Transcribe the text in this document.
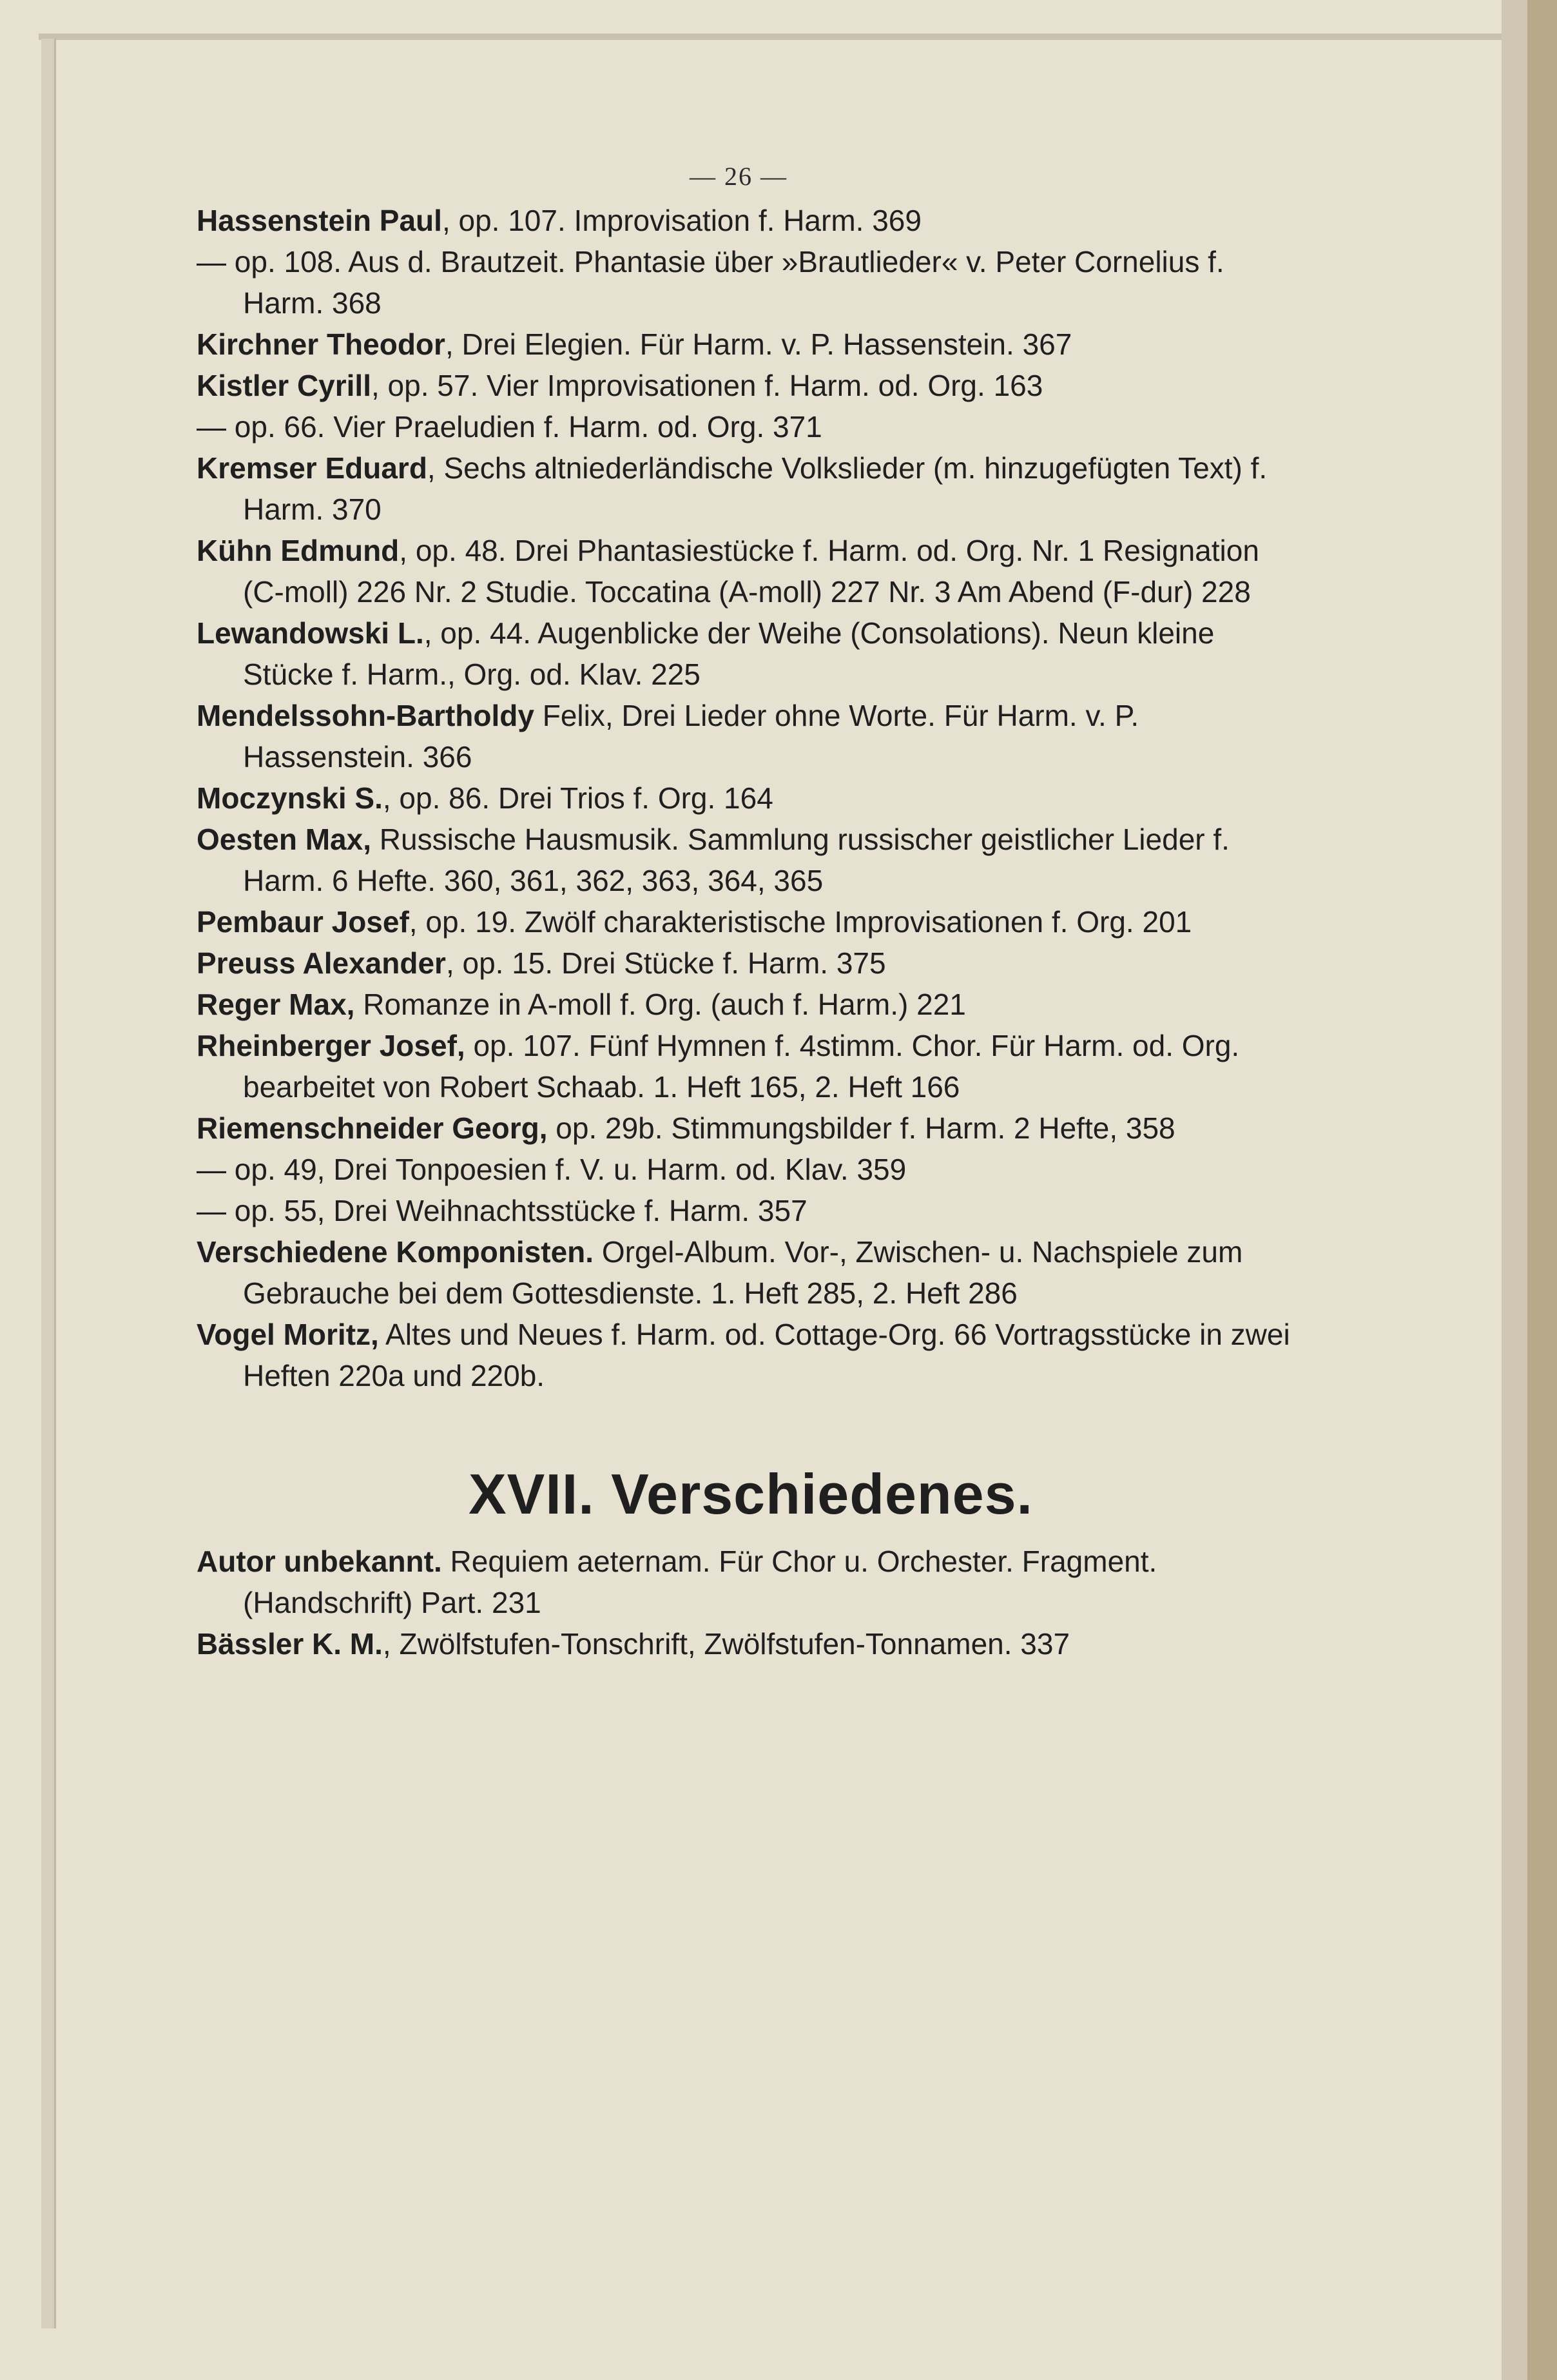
— 26 —

Hassenstein Paul, op. 107. Improvisation f. Harm. 369

— op. 108. Aus d. Brautzeit. Phantasie über »Brautlieder« v. Peter Cornelius f. Harm. 368

Kirchner Theodor, Drei Elegien. Für Harm. v. P. Hassenstein. 367

Kistler Cyrill, op. 57. Vier Improvisationen f. Harm. od. Org. 163

— op. 66. Vier Praeludien f. Harm. od. Org. 371

Kremser Eduard, Sechs altniederländische Volkslieder (m. hinzugefügten Text) f. Harm. 370

Kühn Edmund, op. 48. Drei Phantasiestücke f. Harm. od. Org. Nr. 1 Resignation (C-moll) 226 Nr. 2 Studie. Toccatina (A-moll) 227 Nr. 3 Am Abend (F-dur) 228

Lewandowski L., op. 44. Augenblicke der Weihe (Consolations). Neun kleine Stücke f. Harm., Org. od. Klav. 225

Mendelssohn-Bartholdy Felix, Drei Lieder ohne Worte. Für Harm. v. P. Hassenstein. 366

Moczynski S., op. 86. Drei Trios f. Org. 164

Oesten Max, Russische Hausmusik. Sammlung russischer geistlicher Lieder f. Harm. 6 Hefte. 360, 361, 362, 363, 364, 365

Pembaur Josef, op. 19. Zwölf charakteristische Improvisationen f. Org. 201

Preuss Alexander, op. 15. Drei Stücke f. Harm. 375

Reger Max, Romanze in A-moll f. Org. (auch f. Harm.) 221

Rheinberger Josef, op. 107. Fünf Hymnen f. 4stimm. Chor. Für Harm. od. Org. bearbeitet von Robert Schaab. 1. Heft 165, 2. Heft 166

Riemenschneider Georg, op. 29b. Stimmungsbilder f. Harm. 2 Hefte, 358

— op. 49, Drei Tonpoesien f. V. u. Harm. od. Klav. 359

— op. 55, Drei Weihnachtsstücke f. Harm. 357

Verschiedene Komponisten. Orgel-Album. Vor-, Zwischen- u. Nachspiele zum Gebrauche bei dem Gottesdienste. 1. Heft 285, 2. Heft 286

Vogel Moritz, Altes und Neues f. Harm. od. Cottage-Org. 66 Vortragsstücke in zwei Heften 220a und 220b.

XVII. Verschiedenes.

Autor unbekannt. Requiem aeternam. Für Chor u. Orchester. Fragment. (Handschrift) Part. 231

Bässler K. M., Zwölfstufen-Tonschrift, Zwölfstufen-Tonnamen. 337
